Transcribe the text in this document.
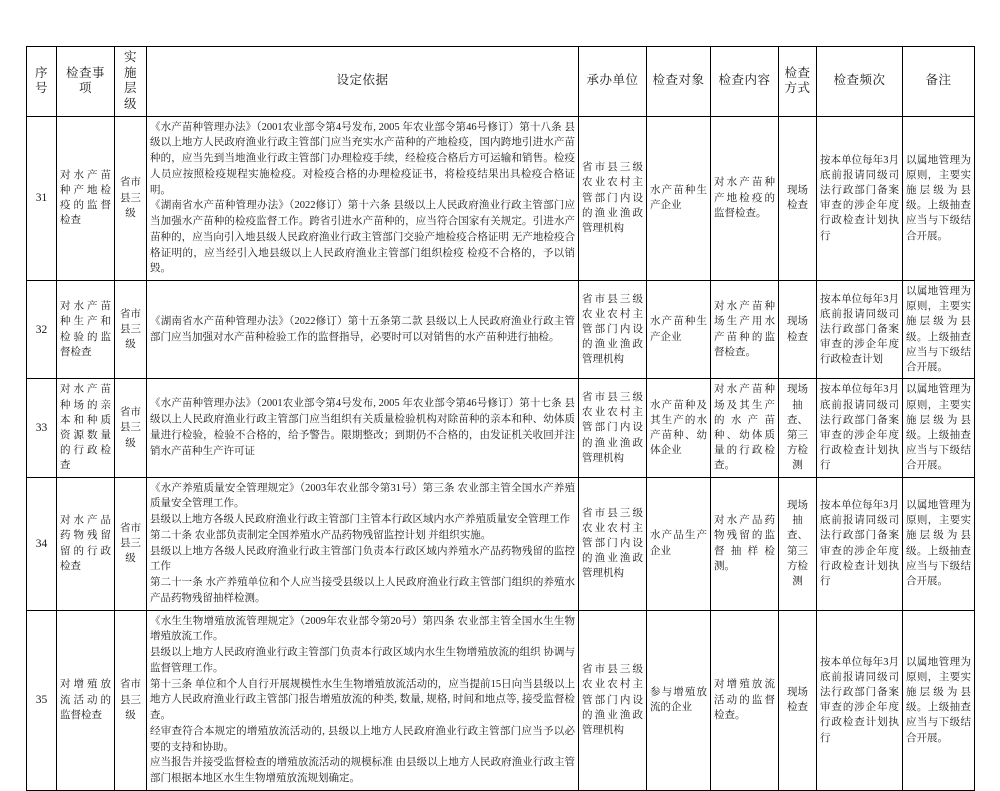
序号	检查事项	实施层级	设定依据	承办单位	检查对象	检查内容	检查方式	检查频次	备注
31	对水产苗种产地检疫的监督检查	省市县三级	《水产苗种管理办法》（2001农业部令第4号发布, 2005 年农业部令第46号修订）第十八条 县级以上地方人民政府渔业行政主管部门应当充实水产苗种的产地检疫，国内跨地引进水产苗种的，应当先到当地渔业行政主管部门办理检疫手续，经检疫合格后方可运输和销售。检疫人员应按照检疫规程实施检疫。对检疫合格的办理检疫证书，将检疫结果出具检疫合格证明。
《湖南省水产苗种管理办法》（2022修订）第十六条 县级以上人民政府渔业行政主管部门应当加强水产苗种的检疫监督工作。跨省引进水产苗种的，应当符合国家有关规定。引进水产苗种的，应当向引入地县级人民政府渔业行政主管部门交验产地检疫合格证明 无产地检疫合格证明的，应当经引入地县级以上人民政府渔业主管部门组织检疫 检疫不合格的，予以销毁。	省市县三级农业农村主管部门内设的渔业渔政管理机构	水产苗种生产企业	对水产苗种产地检疫的监督检查。	现场检查	按本单位每年3月底前报请同级司法行政部门备案审查的涉企年度行政检查计划执行	以属地管理为原则，主要实施层级为县级。上级抽查应当与下级结合开展。
32	对水产苗种生产和检验的监督检查	省市县三级	《湖南省水产苗种管理办法》（2022修订）第十五条第二款 县级以上人民政府渔业行政主管部门应当加强对水产苗种检验工作的监督指导，必要时可以对销售的水产苗种进行抽检。	省市县三级农业农村主管部门内设的渔业渔政管理机构	水产苗种生产企业	对水产苗种场生产用水产苗种的监督检查。	现场检查	按本单位每年3月底前报请同级司法行政部门备案审查的涉企年度行政检查计划	以属地管理为原则，主要实施层级为县级。上级抽查应当与下级结合开展。
33	对水产苗种场的亲本和种质资源数量的行政检查	省市县三级	《水产苗种管理办法》（2001农业部令第4号发布, 2005 年农业部令第46号修订）第十七条 县级以上人民政府渔业行政主管部门应当组织有关质量检验机构对除苗种的亲本和种、幼体质量进行检验，检验不合格的，给予警告。限期整改；到期仍不合格的，由发证机关收回并注销水产苗种生产许可证	省市县三级农业农村主管部门内设的渔业渔政管理机构	水产苗种及其生产的水产苗种、幼体企业	对水产苗种场及其生产的水产苗种、幼体质量的行政检查。	现场抽查、第三方检测	按本单位每年3月底前报请同级司法行政部门备案审查的涉企年度行政检查计划执行	以属地管理为原则，主要实施层级为县级。上级抽查应当与下级结合开展。
34	对水产品药物残留留的行政检查	省市县三级	《水产养殖质量安全管理规定》（2003年农业部令第31号）第三条 农业部主管全国水产养殖质量安全管理工作。
县级以上地方各级人民政府渔业行政主管部门主管本行政区域内水产养殖质量安全管理工作
第二十条 农业部负责制定全国养殖水产品药物残留监控计划 并组织实施。
县级以上地方各级人民政府渔业行政主管部门负责本行政区域内养殖水产品药物残留的监控工作
第二十一条 水产养殖单位和个人应当接受县级以上人民政府渔业行政主管部门组织的养殖水产品药物残留抽样检测。	省市县三级农业农村主管部门内设的渔业渔政管理机构	水产品生产企业	对水产品药物残留的监督抽样检测。	现场抽查、第三方检测	按本单位每年3月底前报请同级司法行政部门备案审查的涉企年度行政检查计划执行	以属地管理为原则，主要实施层级为县级。上级抽查应当与下级结合开展。
35	对增殖放流活动的监督检查	省市县三级	《水生生物增殖放流管理规定》（2009年农业部令第20号）第四条 农业部主管全国水生生物增殖放流工作。
县级以上地方人民政府渔业行政主管部门负责本行政区域内水生生物增殖放流的组织 协调与监督管理工作。
第十三条 单位和个人自行开展规模性水生生物增殖放流活动的，应当提前15日向当县级以上地方人民政府渔业行政主管部门报告增殖放流的种类, 数量, 规格, 时间和地点等, 接受监督检查。
经审查符合本规定的增殖放流活动的, 县级以上地方人民政府渔业行政主管部门应当予以必要的支持和协助。
应当报告并接受监督检查的增殖放流活动的规模标准 由县级以上地方人民政府渔业行政主管部门根据本地区水生生物增殖放流规划确定。	省市县三级农业农村主管部门内设的渔业渔政管理机构	参与增殖放流的企业	对增殖放流活动的监督检查。	现场检查	按本单位每年3月底前报请同级司法行政部门备案审查的涉企年度行政检查计划执行	以属地管理为原则，主要实施层级为县级。上级抽查应当与下级结合开展。
